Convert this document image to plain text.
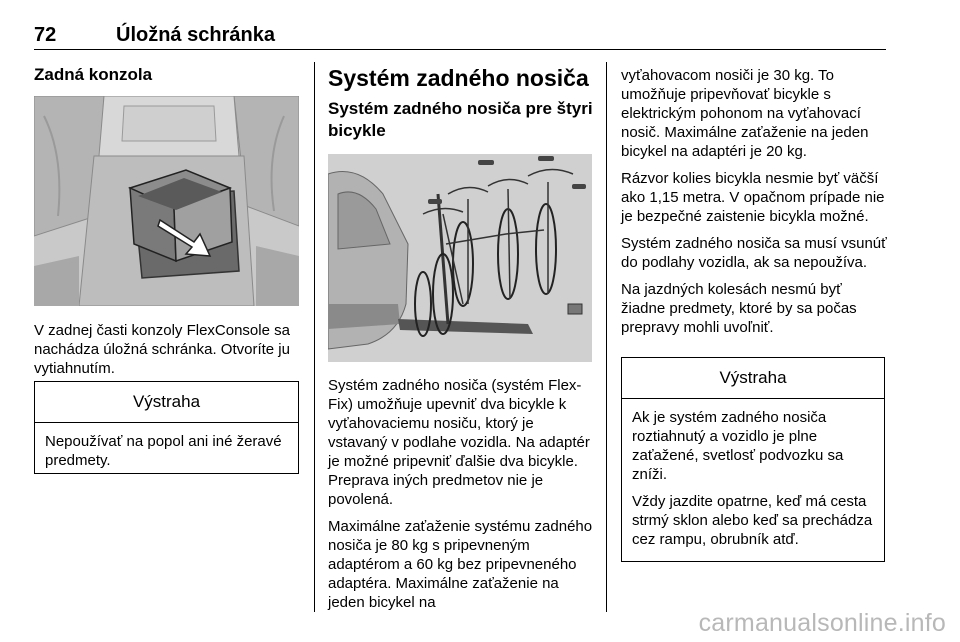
72	Úložná schránka
Zadná konzola

V zadnej časti konzoly FlexConsole sa nachádza úložná schránka. Otvoríte ju vytiahnutím.

Výstraha

Nepoužívať na popol ani iné žeravé predmety.

Systém zadného nosiča
Systém zadného nosiča pre štyri bicykle

Systém zadného nosiča (systém Flex-Fix) umožňuje upevniť dva bicykle k vyťahovaciemu nosiču, ktorý je vstavaný v podlahe vozidla. Na adaptér je možné pripevniť ďalšie dva bicykle. Preprava iných predmetov nie je povolená.

Maximálne zaťaženie systému zadného nosiča je 80 kg s pripevneným adaptérom a 60 kg bez pripevneného adaptéra. Maximálne zaťaženie na jeden bicykel na

vyťahovacom nosiči je 30 kg. To umožňuje pripevňovať bicykle s elektrickým pohonom na vyťahovací nosič. Maximálne zaťaženie na jeden bicykel na adaptéri je 20 kg.

Rázvor kolies bicykla nesmie byť väčší ako 1,15 metra. V opačnom prípade nie je bezpečné zaistenie bicykla možné.

Systém zadného nosiča sa musí vsunúť do podlahy vozidla, ak sa nepoužíva.

Na jazdných kolesách nesmú byť žiadne predmety, ktoré by sa počas prepravy mohli uvoľniť.

Výstraha

Ak je systém zadného nosiča roztiahnutý a vozidlo je plne zaťažené, svetlosť podvozku sa zníži.

Vždy jazdite opatrne, keď má cesta strmý sklon alebo keď sa prechádza cez rampu, obrubník atď.

carmanualsonline.info
